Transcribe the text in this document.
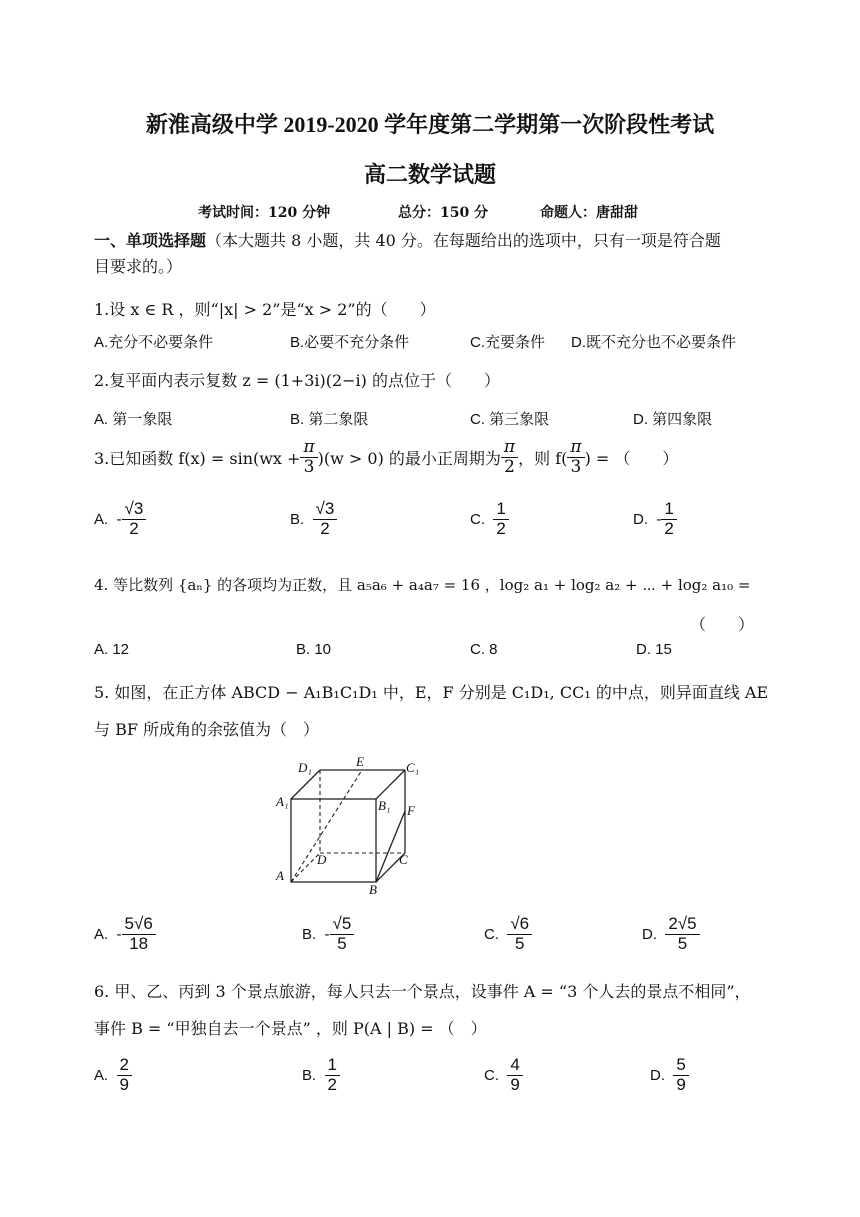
新淮高级中学 2019-2020 学年度第二学期第一次阶段性考试
高二数学试题
考试时间：120 分钟	总分：150 分	命题人：唐甜甜
一、单项选择题（本大题共 8 小题，共 40 分。在每题给出的选项中，只有一项是符合题
目要求的。）
1.设 x ∈ R ，则“|x| > 2”是“x > 2”的（　　）
A.充分不必要条件	B.必要不充分条件	C.充要条件 D.既不充分也不必要条件
2.复平面内表示复数 z = (1+3i)(2−i) 的点位于（　　）
A. 第一象限	B. 第二象限	C. 第三象限	D. 第四象限
3.已知函数 $f(x) = \sin(wx + \frac{\pi}{3} )(w > 0)$ 的最小正周期为 $\frac{\pi}{2}$ ，则 $f( \frac{\pi}{3}$ ) = （　　）
A.
- $\frac{√3}{2}$	B.
$\frac{√3}{2}$	C.
$\frac{1}{2}$	D.
- $\frac{1}{2}$
4. 等比数列 {aₙ} 的各项均为正数，且 a₅a₆ + a₄a₇ = 16 ，log₂ a₁ + log₂ a₂ + ⋯ + log₂ a₁₀ =
（　　）
A. 12	B. 10	C. 8	D. 15
5. 如图，在正方体 ABCD − A₁B₁C₁D₁ 中，E，F 分别是 C₁D₁, CC₁ 的中点，则异面直线 AE
与 BF 所成角的余弦值为（　）
D₁	E	C₁
A₁	B₁ F
D	C
A
B
A.
- $\frac{5√6}{18}$	B.
- $\frac{√5}{5}$	C.
$\frac{√6}{5}$	D.
$\frac{2√5}{5}$
6. 甲、乙、丙到 3 个景点旅游，每人只去一个景点，设事件 A = “3 个人去的景点不相同”，
事件 B = “甲独自去一个景点” ，则 P(A | B) = （　）
A.
$\frac{2}{9}$	B.
$\frac{1}{2}$	C.
$\frac{4}{9}$	D.
$\frac{5}{9}$
